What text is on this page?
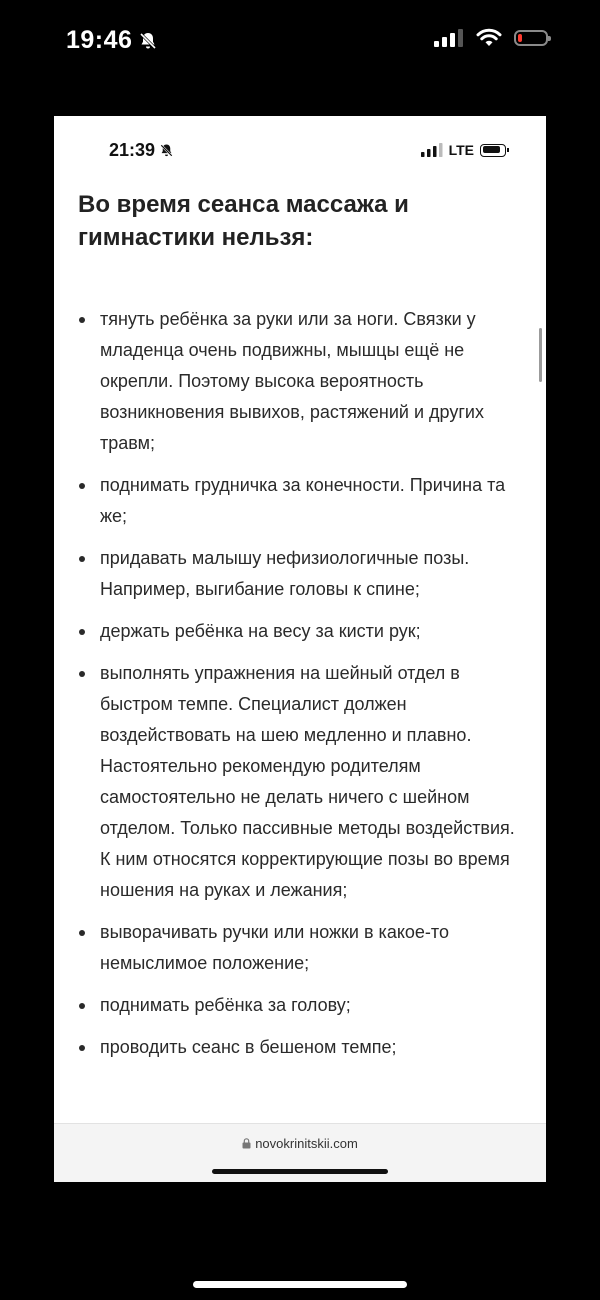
19:46
21:39	LTE
Во время сеанса массажа и гимнастики нельзя:
тянуть ребёнка за руки или за ноги. Связки у младенца очень подвижны, мышцы ещё не окрепли. Поэтому высока вероятность возникновения вывихов, растяжений и других травм;
поднимать грудничка за конечности. Причина та же;
придавать малышу нефизиологичные позы. Например, выгибание головы к спине;
держать ребёнка на весу за кисти рук;
выполнять упражнения на шейный отдел в быстром темпе. Специалист должен воздействовать на шею медленно и плавно. Настоятельно рекомендую родителям самостоятельно не делать ничего с шейном отделом. Только пассивные методы воздействия. К ним относятся корректирующие позы во время ношения на руках и лежания;
выворачивать ручки или ножки в какое-то немыслимое положение;
поднимать ребёнка за голову;
проводить сеанс в бешеном темпе;
novokrinitskii.com
